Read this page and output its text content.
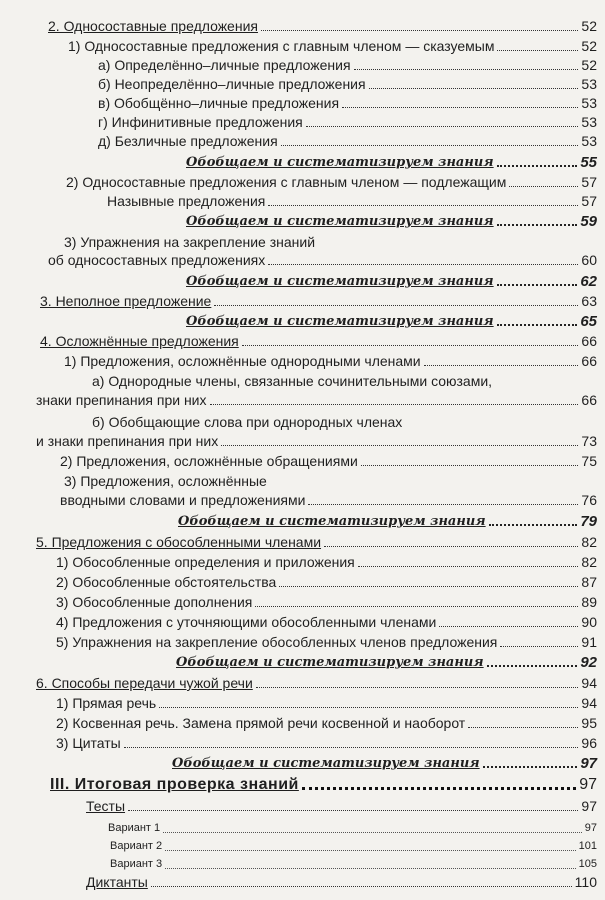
2. Односоставные предложения	52
1) Односоставные предложения с главным членом — сказуемым	52
а) Определённо–личные предложения	52
б) Неопределённо–личные предложения	53
в) Обобщённо–личные предложения	53
г) Инфинитивные предложения	53
д) Безличные предложения	53
Обобщаем и систематизируем знания	55
2) Односоставные предложения с главным членом — подлежащим	57
Назывные предложения	57
Обобщаем и систематизируем знания	59
3) Упражнения на закрепление знаний
об односоставных предложениях	60
Обобщаем и систематизируем знания	62
3. Неполное предложение	63
Обобщаем и систематизируем знания	65
4. Осложнённые предложения	66
1) Предложения, осложнённые однородными членами	66
а) Однородные члены, связанные сочинительными союзами,
знаки препинания при них	66
б) Обобщающие слова при однородных членах
и знаки препинания при них	73
2) Предложения, осложнённые обращениями	75
3) Предложения, осложнённые
вводными словами и предложениями	76
Обобщаем и систематизируем знания	79
5. Предложения с обособленными членами	82
1) Обособленные определения и приложения	82
2) Обособленные обстоятельства	87
3) Обособленные дополнения	89
4) Предложения с уточняющими обособленными членами	90
5) Упражнения на закрепление обособленных членов предложения	91
Обобщаем и систематизируем знания	92
6. Способы передачи чужой речи	94
1) Прямая речь	94
2) Косвенная речь. Замена прямой речи косвенной и наоборот	95
3) Цитаты	96
Обобщаем и систематизируем знания	97
III. Итоговая проверка знаний	97
Тесты	97
Вариант 1	97
Вариант 2	101
Вариант 3	105
Диктанты	110
